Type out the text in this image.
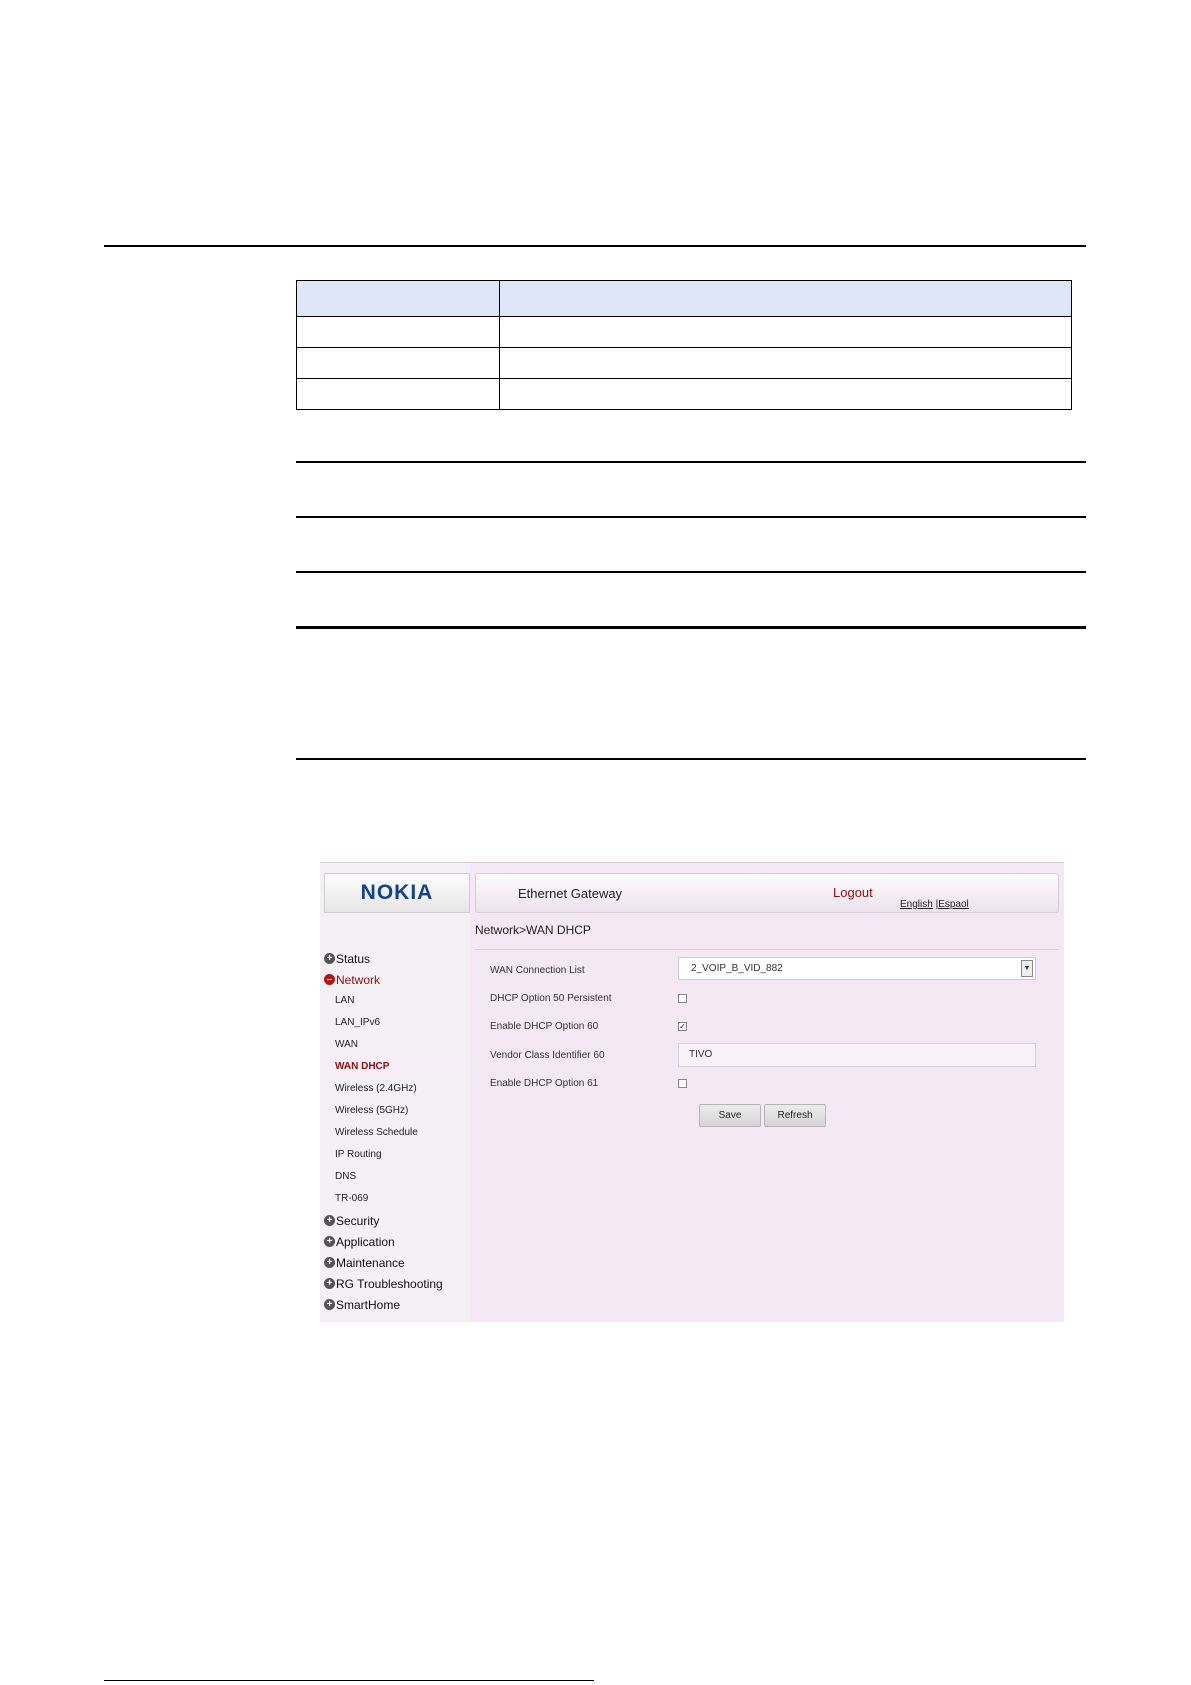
NOKIA	Ethernet Gateway	Logout
English |Espaol
Network>WAN DHCP
+ Status
– Network
LAN
LAN_IPv6
WAN
WAN DHCP
Wireless (2.4GHz)
Wireless (5GHz)
Wireless Schedule
IP Routing
DNS
TR-069
+ Security
+ Application
+ Maintenance
+ RG Troubleshooting
+ SmartHome
WAN Connection List	2_VOIP_B_VID_882	▼
DHCP Option 50 Persistent
Enable DHCP Option 60	✓
Vendor Class Identifier 60	TIVO
Enable DHCP Option 61
Save	Refresh
